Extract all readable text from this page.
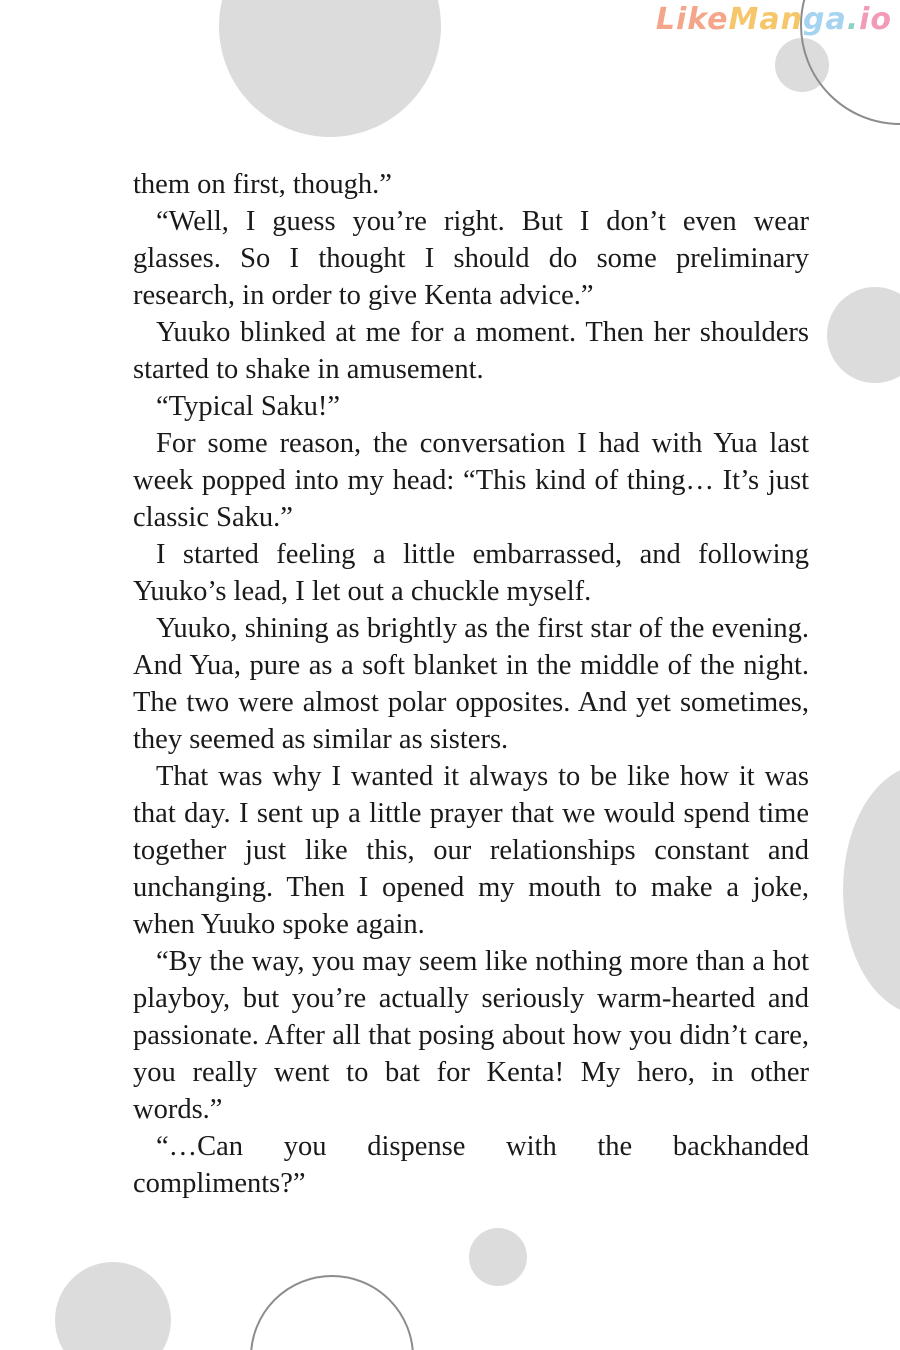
LikeManga.io

them on first, though.”

“Well, I guess you’re right. But I don’t even wear glasses. So I thought I should do some preliminary research, in order to give Kenta advice.”

Yuuko blinked at me for a moment. Then her shoulders started to shake in amusement.

“Typical Saku!”

For some reason, the conversation I had with Yua last week popped into my head: “This kind of thing… It’s just classic Saku.”

I started feeling a little embarrassed, and following Yuuko’s lead, I let out a chuckle myself.

Yuuko, shining as brightly as the first star of the evening. And Yua, pure as a soft blanket in the middle of the night. The two were almost polar opposites. And yet sometimes, they seemed as similar as sisters.

That was why I wanted it always to be like how it was that day. I sent up a little prayer that we would spend time together just like this, our relationships constant and unchanging. Then I opened my mouth to make a joke, when Yuuko spoke again.

“By the way, you may seem like nothing more than a hot playboy, but you’re actually seriously warm-hearted and passionate. After all that posing about how you didn’t care, you really went to bat for Kenta! My hero, in other words.”

“…Can you dispense with the backhanded compliments?”
